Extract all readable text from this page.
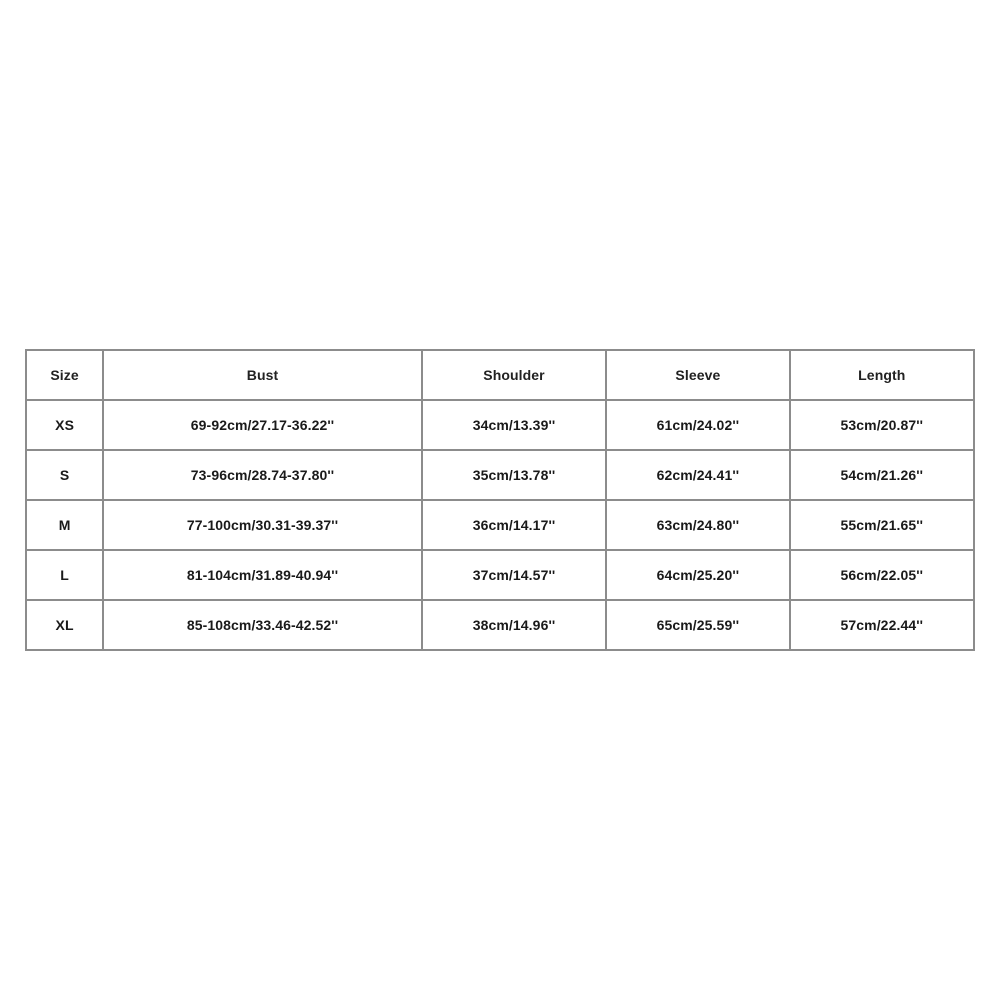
Size	Bust	Shoulder	Sleeve	Length
XS	69-92cm/27.17-36.22''	34cm/13.39''	61cm/24.02''	53cm/20.87''
S	73-96cm/28.74-37.80''	35cm/13.78''	62cm/24.41''	54cm/21.26''
M	77-100cm/30.31-39.37''	36cm/14.17''	63cm/24.80''	55cm/21.65''
L	81-104cm/31.89-40.94''	37cm/14.57''	64cm/25.20''	56cm/22.05''
XL	85-108cm/33.46-42.52''	38cm/14.96''	65cm/25.59''	57cm/22.44''
